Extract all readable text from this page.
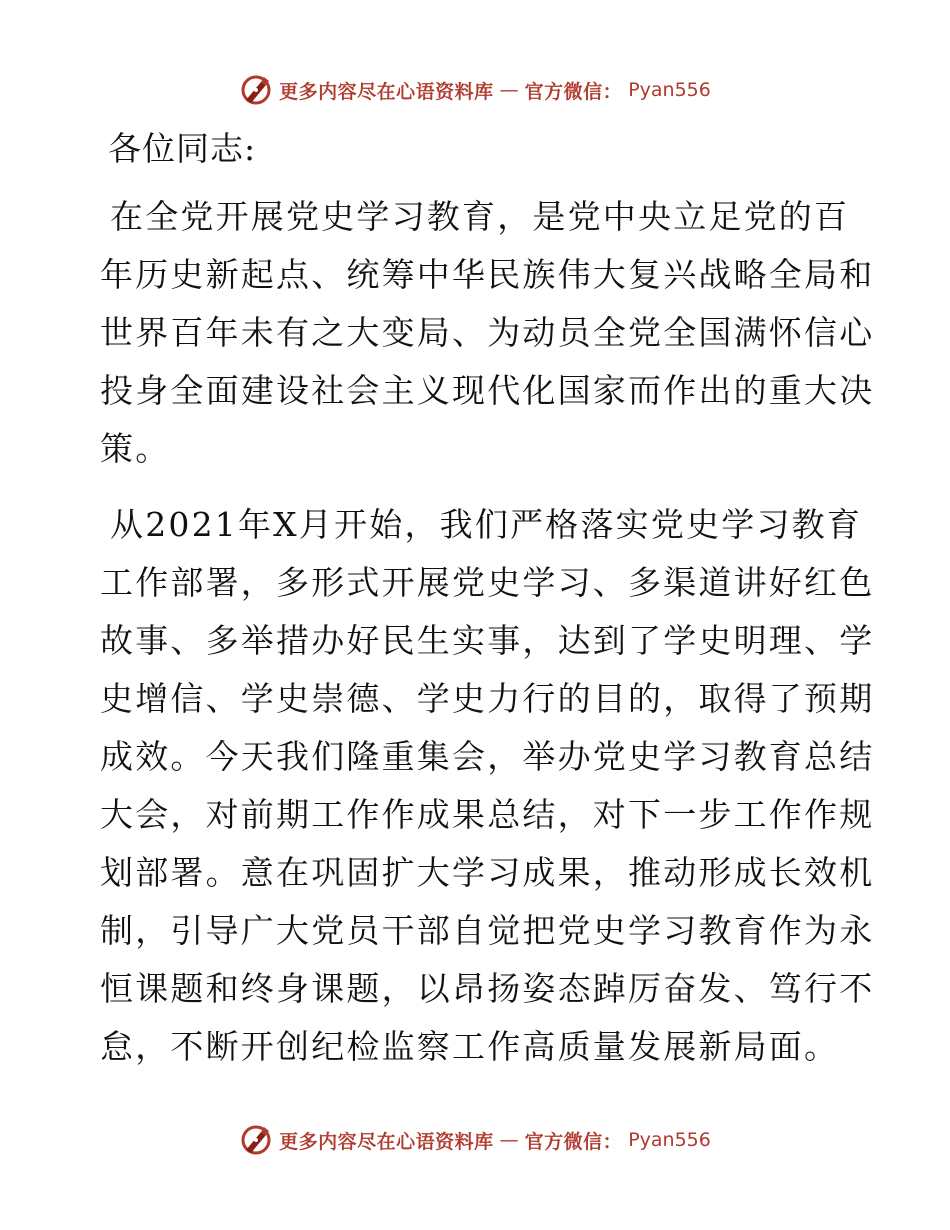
更多内容尽在心语资料库 — 官方微信： Pyan556
各位同志:
在全党开展党史学习教育，是党中央立足党的百
年历史新起点、统筹中华民族伟大复兴战略全局和
世界百年未有之大变局、为动员全党全国满怀信心
投身全面建设社会主义现代化国家而作出的重大决
策。
从2021年X月开始，我们严格落实党史学习教育
工作部署，多形式开展党史学习、多渠道讲好红色
故事、多举措办好民生实事，达到了学史明理、学
史增信、学史崇德、学史力行的目的，取得了预期
成效。今天我们隆重集会，举办党史学习教育总结
大会，对前期工作作成果总结，对下一步工作作规
划部署。意在巩固扩大学习成果，推动形成长效机
制，引导广大党员干部自觉把党史学习教育作为永
恒课题和终身课题，以昂扬姿态踔厉奋发、笃行不
怠，不断开创纪检监察工作高质量发展新局面。
更多内容尽在心语资料库 — 官方微信： Pyan556
